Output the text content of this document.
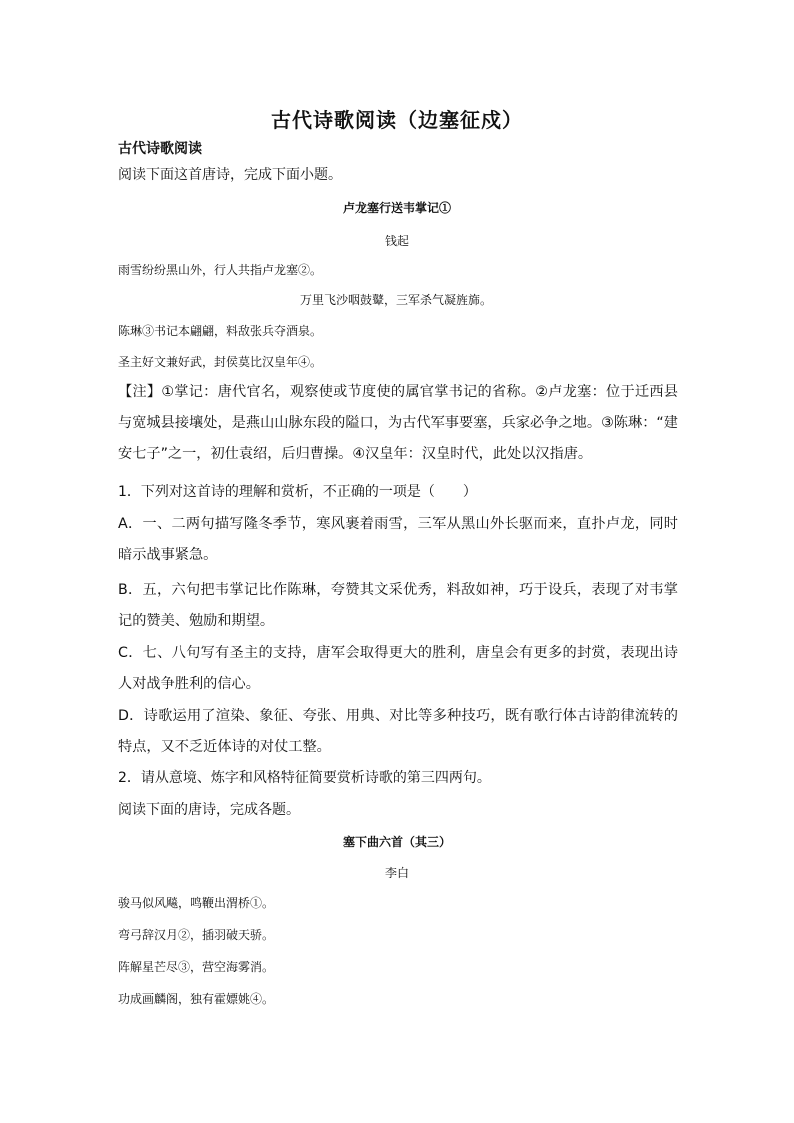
古代诗歌阅读（边塞征戍）
古代诗歌阅读
阅读下面这首唐诗，完成下面小题。
卢龙塞行送韦掌记①
钱起
雨雪纷纷黑山外，行人共指卢龙塞②。
万里飞沙咽鼓鼙，三军杀气凝旌旆。
陈琳③书记本翩翩，料敌张兵夺酒泉。
圣主好文兼好武，封侯莫比汉皇年④。
【注】①掌记：唐代官名，观察使或节度使的属官掌书记的省称。②卢龙塞：位于迁西县与宽城县接壤处，是燕山山脉东段的隘口，为古代军事要塞，兵家必争之地。③陈琳：“建安七子”之一，初仕袁绍，后归曹操。④汉皇年：汉皇时代，此处以汉指唐。
1．下列对这首诗的理解和赏析，不正确的一项是（　　）
A．一、二两句描写隆冬季节，寒风裹着雨雪，三军从黑山外长驱而来，直扑卢龙，同时暗示战事紧急。
B．五，六句把韦掌记比作陈琳，夸赞其文采优秀，料敌如神，巧于设兵，表现了对韦掌记的赞美、勉励和期望。
C．七、八句写有圣主的支持，唐军会取得更大的胜利，唐皇会有更多的封赏，表现出诗人对战争胜利的信心。
D．诗歌运用了渲染、象征、夸张、用典、对比等多种技巧，既有歌行体古诗韵律流转的特点，又不乏近体诗的对仗工整。
2．请从意境、炼字和风格特征简要赏析诗歌的第三四两句。
阅读下面的唐诗，完成各题。
塞下曲六首（其三）
李白
骏马似风飚，鸣鞭出渭桥①。
弯弓辞汉月②，插羽破天骄。
阵解星芒尽③，营空海雾消。
功成画麟阁，独有霍嫖姚④。
